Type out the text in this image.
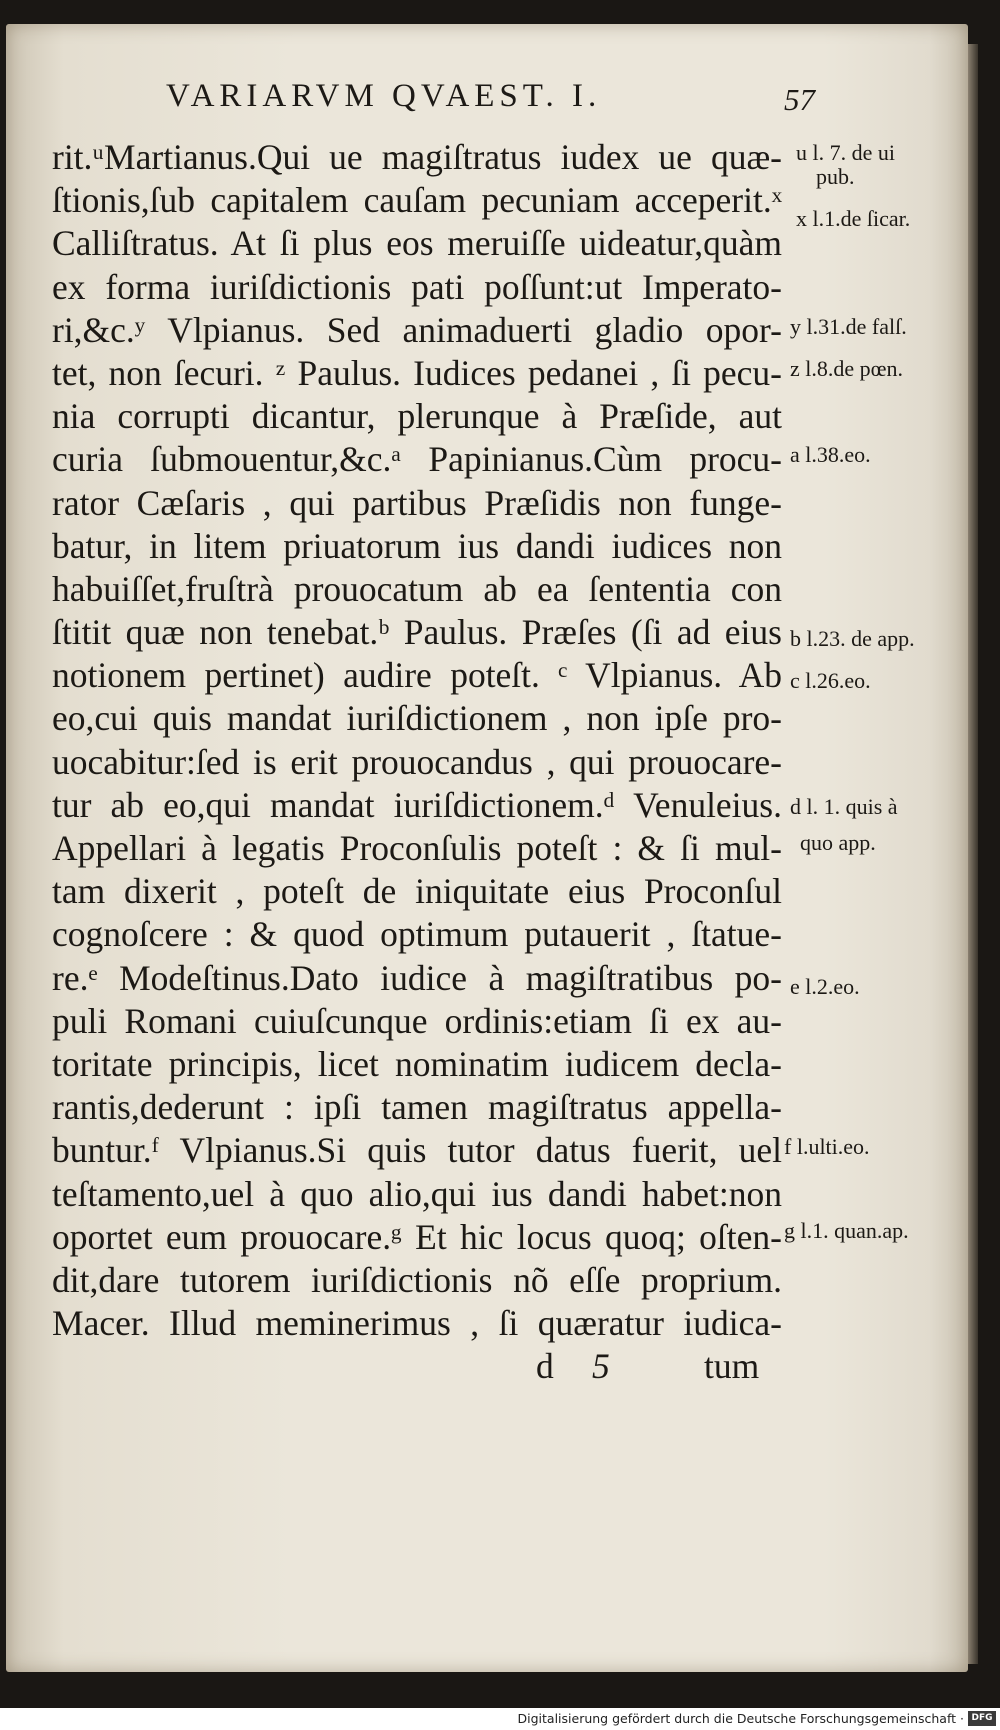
VARIARVM QVAEST. I.	57
rit.ᵘMartianus.Qui ue magiſtratus iudex ue quæ-
ſtionis,ſub capitalem cauſam pecuniam acceperit.ˣ
Calliſtratus. At ſi plus eos meruiſſe uideatur,quàm
ex forma iuriſdictionis pati poſſunt:ut Imperato-
ri,&c.ʸ Vlpianus. Sed animaduerti gladio opor-
tet, non ſecuri. ᶻ Paulus. Iudices pedanei , ſi pecu-
nia corrupti dicantur, plerunque à Præſide, aut
curia ſubmouentur,&c.ᵃ Papinianus.Cùm procu-
rator Cæſaris , qui partibus Præſidis non funge-
batur, in litem priuatorum ius dandi iudices non
habuiſſet,fruſtrà prouocatum ab ea ſententia con
ſtitit quæ non tenebat.ᵇ Paulus. Præſes (ſi ad eius
notionem pertinet) audire poteſt. ᶜ Vlpianus. Ab
eo,cui quis mandat iuriſdictionem , non ipſe pro-
uocabitur:ſed is erit prouocandus , qui prouocare-
tur ab eo,qui mandat iuriſdictionem.ᵈ Venuleius.
Appellari à legatis Proconſulis poteſt : & ſi mul-
tam dixerit , poteſt de iniquitate eius Proconſul
cognoſcere : & quod optimum putauerit , ſtatue-
re.ᵉ Modeſtinus.Dato iudice à magiſtratibus po-
puli Romani cuiuſcunque ordinis:etiam ſi ex au-
toritate principis, licet nominatim iudicem decla-
rantis,dederunt : ipſi tamen magiſtratus appella-
buntur.ᶠ Vlpianus.Si quis tutor datus fuerit, uel
teſtamento,uel à quo alio,qui ius dandi habet:non
oportet eum prouocare.ᵍ Et hic locus quoq; oſten-
dit,dare tutorem iuriſdictionis nõ eſſe proprium.
Macer. Illud meminerimus , ſi quæratur iudica-
d 5	tum
u l. 7. de ui
pub.
x l.1.de ſicar.
y l.31.de falſ.
z l.8.de pœn.
a l.38.eo.
b l.23. de app.
c l.26.eo.
d l. 1. quis à
quo app.
e l.2.eo.
f l.ulti.eo.
g l.1. quan.ap.
Digitalisierung gefördert durch die Deutsche Forschungsgemeinschaft · DFG
